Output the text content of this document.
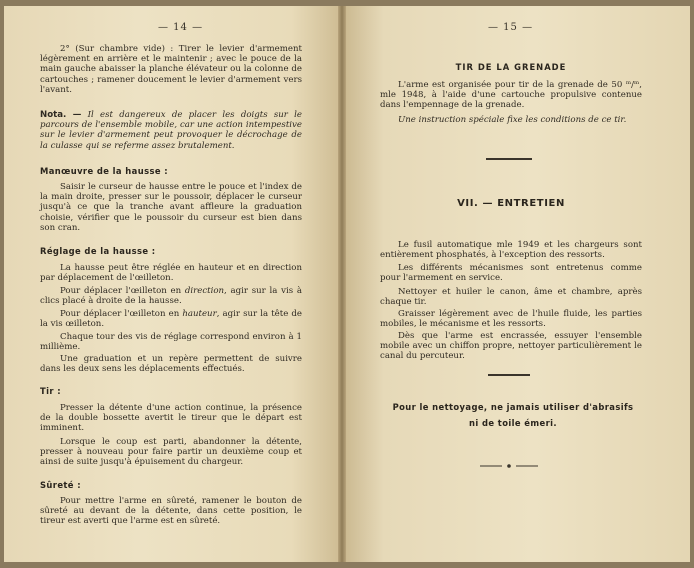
— 14 —
2° (Sur chambre vide) : Tirer le levier d'armement légèrement en arrière et le maintenir ; avec le pouce de la main gauche abaisser la planche élévateur ou la colonne de cartouches ; ramener doucement le levier d'armement vers l'avant.
Nota. — Il est dangereux de placer les doigts sur le parcours de l'ensemble mobile, car une action intempestive sur le levier d'armement peut provoquer le décrochage de la culasse qui se referme assez brutalement.
Manœuvre de la hausse :
Saisir le curseur de hausse entre le pouce et l'index de la main droite, presser sur le poussoir, déplacer le curseur jusqu'à ce que la tranche avant affleure la graduation choisie, vérifier que le poussoir du curseur est bien dans son cran.
Réglage de la hausse :
La hausse peut être réglée en hauteur et en direction par déplacement de l'œilleton.
Pour déplacer l'œilleton en direction, agir sur la vis à clics placé à droite de la hausse.
Pour déplacer l'œilleton en hauteur, agir sur la tête de la vis œilleton.
Chaque tour des vis de réglage correspond environ à 1 millième.
Une graduation et un repère permettent de suivre dans les deux sens les déplacements effectués.
Tir :
Presser la détente d'une action continue, la présence de la double bossette avertit le tireur que le départ est imminent.
Lorsque le coup est parti, abandonner la détente, presser à nouveau pour faire partir un deuxième coup et ainsi de suite jusqu'à épuisement du chargeur.
Sûreté :
Pour mettre l'arme en sûreté, ramener le bouton de sûreté au devant de la détente, dans cette position, le tireur est averti que l'arme est en sûreté.
— 15 —
TIR DE LA GRENADE
L'arme est organisée pour tir de la grenade de 50 ᵐ/ᵐ, mle 1948, à l'aide d'une cartouche propulsive contenue dans l'empennage de la grenade.
Une instruction spéciale fixe les conditions de ce tir.
VII. — ENTRETIEN
Le fusil automatique mle 1949 et les chargeurs sont entièrement phosphatés, à l'exception des ressorts.
Les différents mécanismes sont entretenus comme pour l'armement en service.
Nettoyer et huiler le canon, âme et chambre, après chaque tir.
Graisser légèrement avec de l'huile fluide, les parties mobiles, le mécanisme et les ressorts.
Dès que l'arme est encrassée, essuyer l'ensemble mobile avec un chiffon propre, nettoyer particulièrement le canal du percuteur.
Pour le nettoyage, ne jamais utiliser d'abrasifs
ni de toile émeri.
